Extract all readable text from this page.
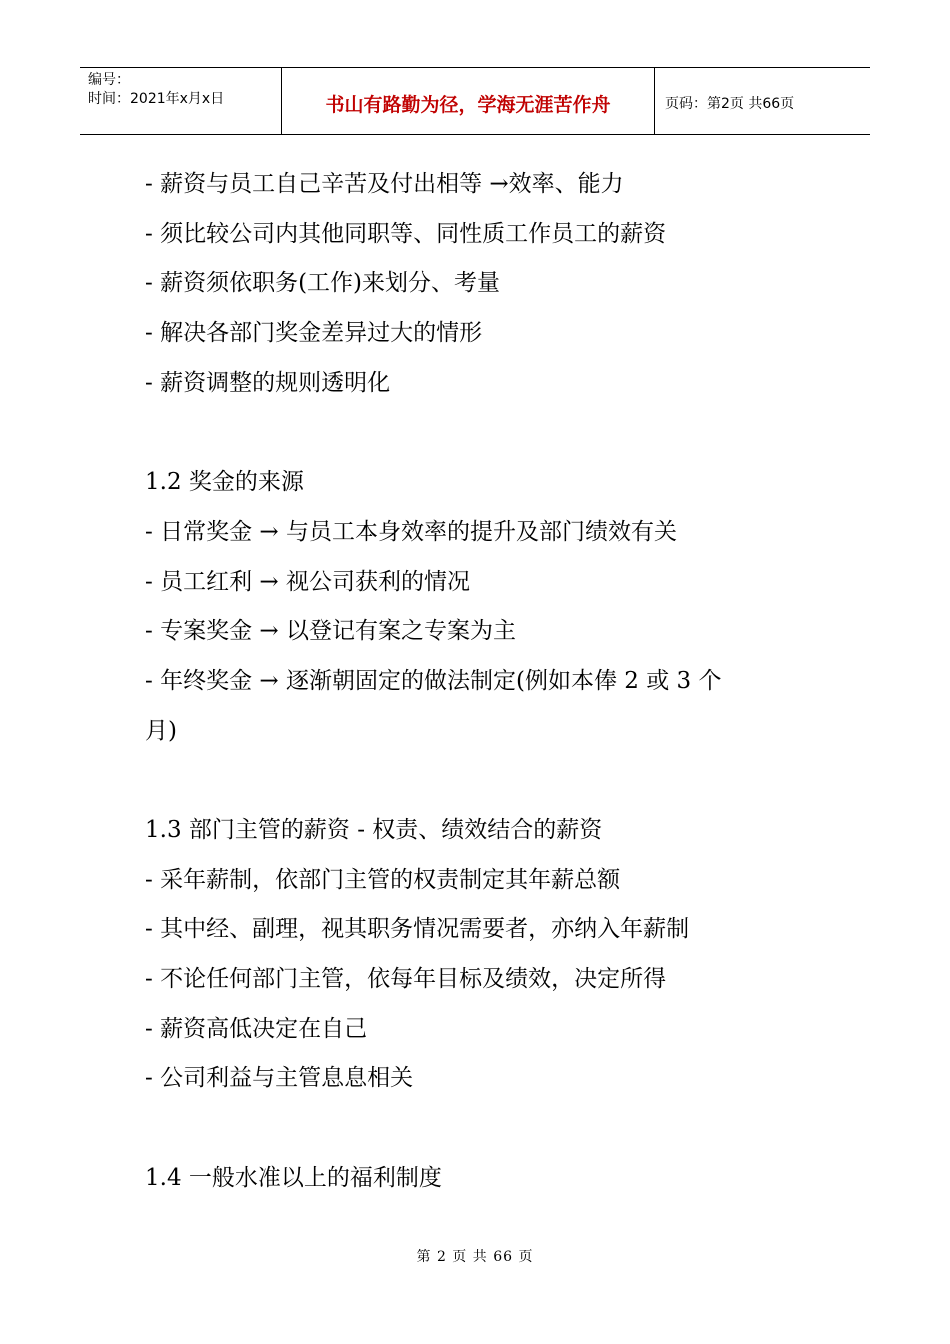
编号：
时间：2021年x月x日	书山有路勤为径，学海无涯苦作舟	页码：第2页 共66页
- 薪资与员工自己辛苦及付出相等 →效率、能力
- 须比较公司内其他同职等、同性质工作员工的薪资
- 薪资须依职务(工作)来划分、考量
- 解决各部门奖金差异过大的情形
- 薪资调整的规则透明化
1.2 奖金的来源
- 日常奖金 → 与员工本身效率的提升及部门绩效有关
- 员工红利 → 视公司获利的情况
- 专案奖金 → 以登记有案之专案为主
- 年终奖金 → 逐渐朝固定的做法制定(例如本俸 2 或 3 个
月)
1.3 部门主管的薪资 - 权责、绩效结合的薪资
- 采年薪制，依部门主管的权责制定其年薪总额
- 其中经、副理，视其职务情况需要者，亦纳入年薪制
- 不论任何部门主管，依每年目标及绩效，决定所得
- 薪资高低决定在自己
- 公司利益与主管息息相关
1.4 一般水准以上的福利制度
第 2 页 共 66 页
